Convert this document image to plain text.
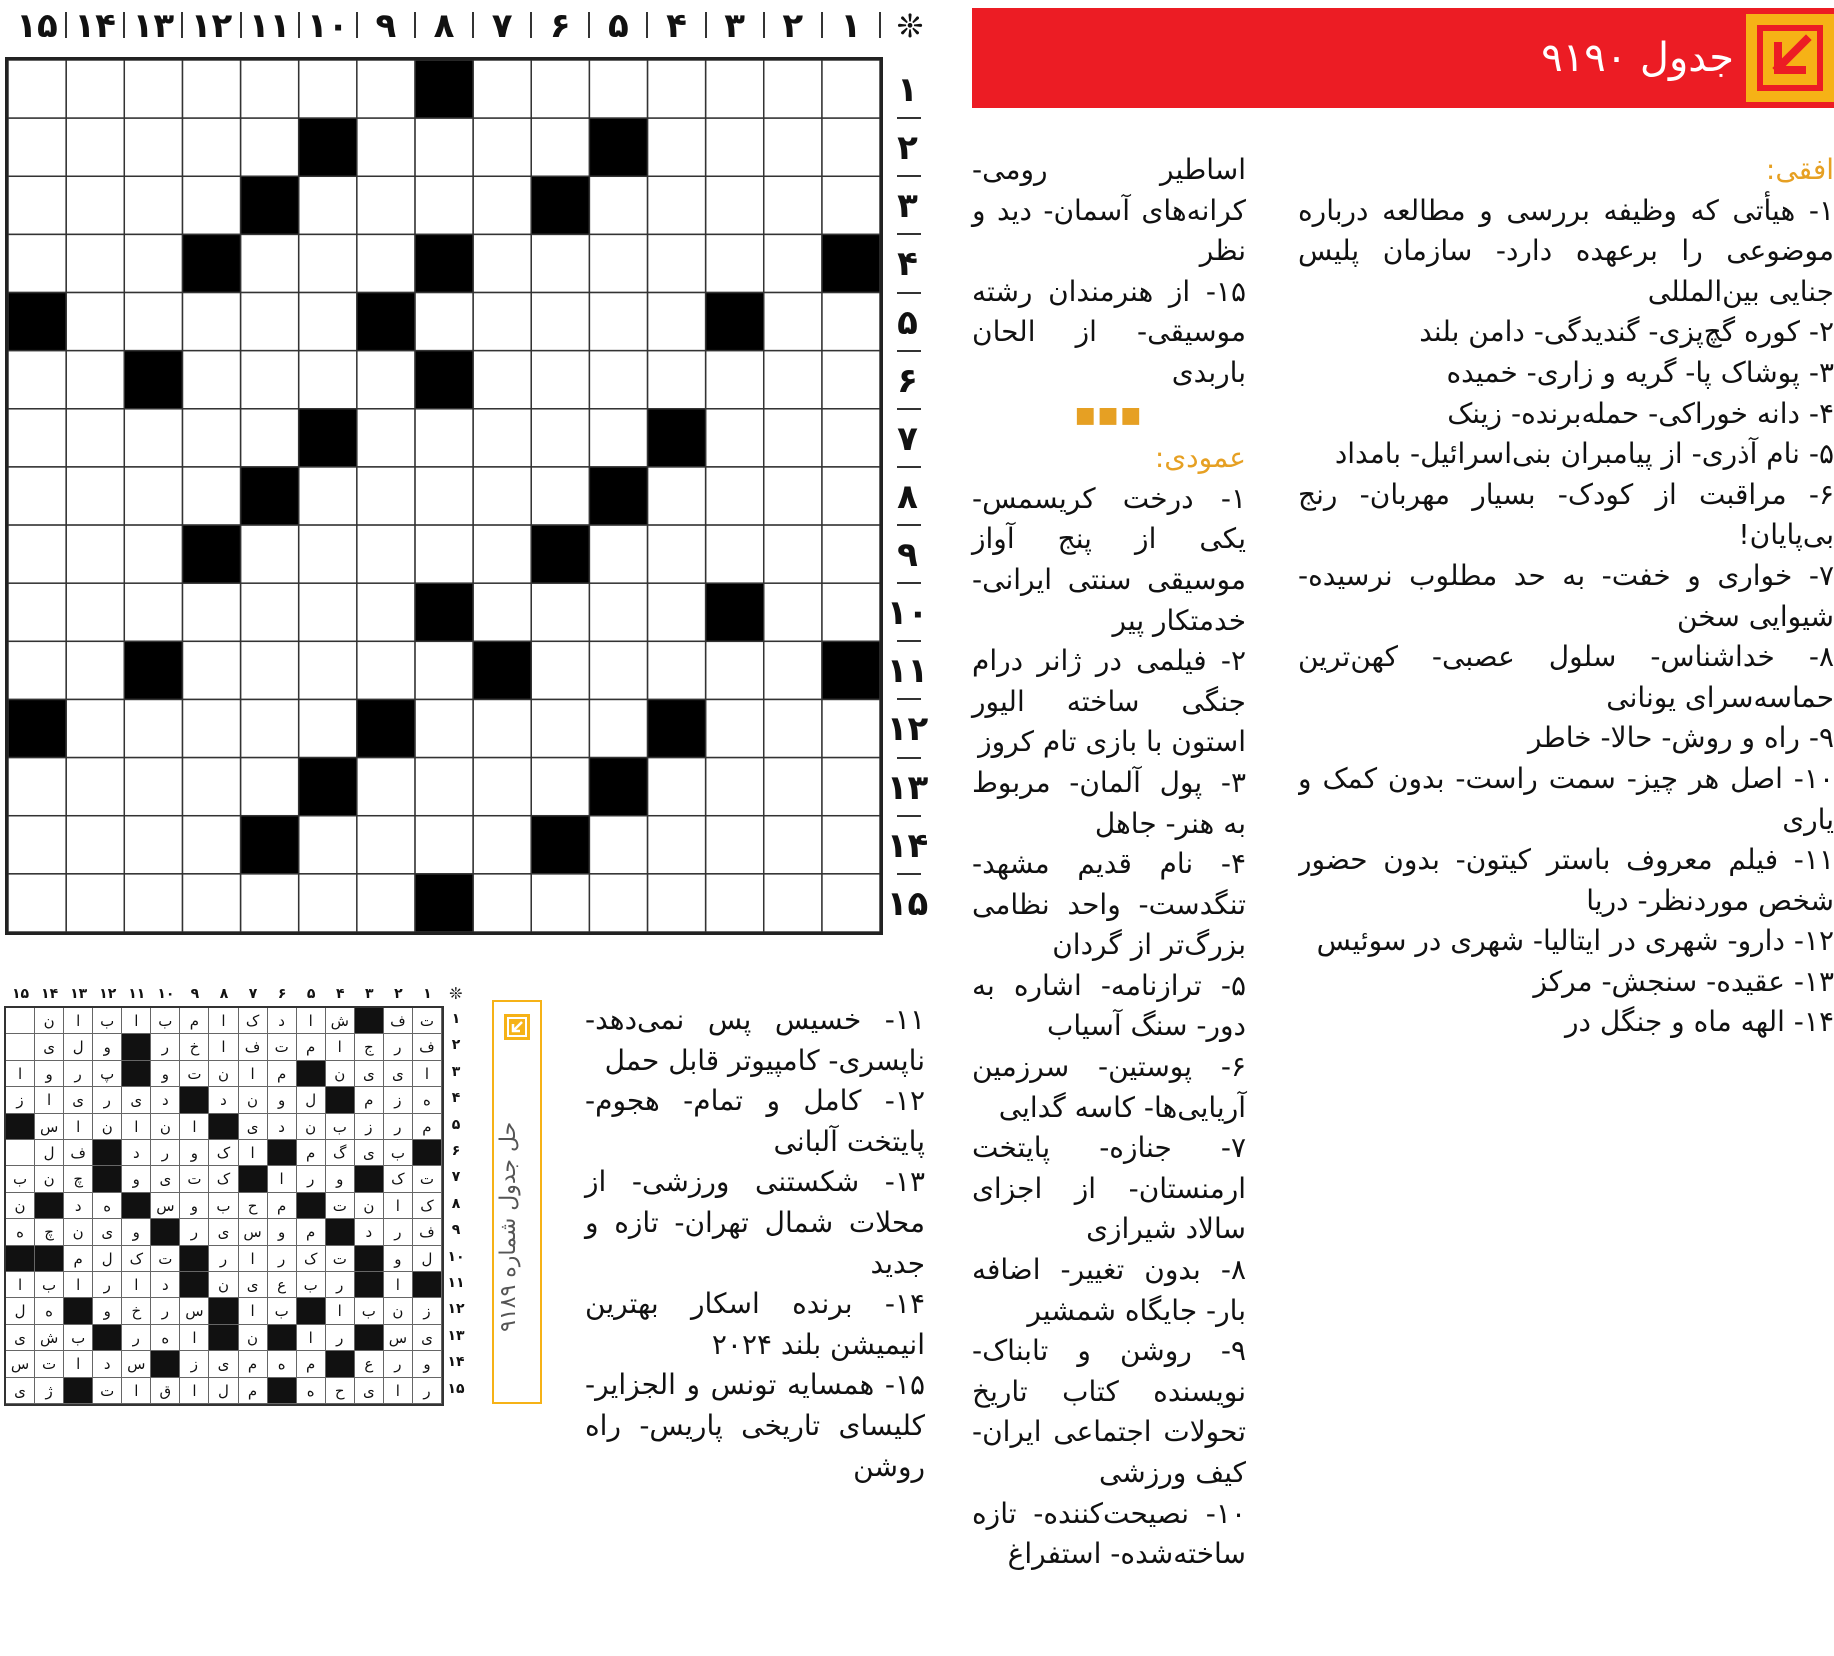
جدول ۹۱۹۰
۱
۲
۳
۴
۵
۶
۷
۸
۹
۱۰
۱۱
۱۲
۱۳
۱۴
۱۵
۱
۲
۳
۴
۵
۶
۷
۸
۹
۱۰
۱۱
۱۲
۱۳
۱۴
۱۵
افقی:

۱- هیأتی که وظیفه بررسی و مطالعه درباره موضوعی را برعهده دارد- سازمان پلیس جنایی بین‌المللی

۲- کوره گچ‌پزی- گندیدگی- دامن بلند

۳- پوشاک پا- گریه و زاری- خمیده

۴- دانه خوراکی- حمله‌برنده- زینک

۵- نام آذری- از پیامبران بنی‌اسرائیل- بامداد

۶- مراقبت از کودک- بسیار مهربان- رنج بی‌پایان!

۷- خواری و خفت- به حد مطلوب نرسیده- شیوایی سخن

۸- خداشناس- سلول عصبی- کهن‌ترین حماسه‌سرای یونانی

۹- راه و روش- حالا- خاطر

۱۰- اصل هر چیز- سمت راست- بدون کمک و یاری

۱۱- فیلم معروف باستر کیتون- بدون حضور شخص موردنظر- دریا

۱۲- دارو- شهری در ایتالیا- شهری در سوئیس

۱۳- عقیده- سنجش- مرکز

۱۴- الهه ماه و جنگل در

اساطیر رومی- کرانه‌های آسمان- دید و نظر

۱۵- از هنرمندان رشته موسیقی- از الحان باربدی

■■■
عمودی:

۱- درخت کریسمس- یکی از پنج آواز موسیقی سنتی ایرانی- خدمتکار پیر

۲- فیلمی در ژانر درام جنگی ساخته الیور استون با بازی تام کروز

۳- پول آلمان- مربوط به هنر- جاهل

۴- نام قدیم مشهد- تنگدست- واحد نظامی بزرگ‌تر از گردان

۵- ترازنامه- اشاره به دور- سنگ آسیاب

۶- پوستین- سرزمین آریایی‌ها- کاسه گدایی

۷- جنازه- پایتخت ارمنستان- از اجزای سالاد شیرازی

۸- بدون تغییر- اضافه بار- جایگاه شمشیر

۹- روشن و تابناک- نویسنده کتاب تاریخ تحولات اجتماعی ایران- کیف ورزشی

۱۰- نصیحت‌کننده- تازه ساخته‌شده- استفراغ

۱۱- خسیس پس نمی‌دهد- ناپسری- کامپیوتر قابل حمل

۱۲- کامل و تمام- هجوم- پایتخت آلبانی

۱۳- شکستنی ورزشی- از محلات شمال تهران- تازه و جدید

۱۴- برنده اسکار بهترین انیمیشن بلند ۲۰۲۴

۱۵- همسایه تونس و الجزایر- کلیسای تاریخی پاریس- راه روشن

حل جدول شماره ۹۱۸۹
۱
۲
۳
۴
۵
۶
۷
۸
۹
۱۰
۱۱
۱۲
۱۳
۱۴
۱۵
ت
ف
ش
ا
د
ک
ا
م
ب
ا
ب
ا
ن
ف
ر
ج
ا
م
ت
ف
ا
خ
ر
و
ل
ی
ا
ی
ی
ن
م
ا
ن
ت
و
پ
ر
و
ا
ه
ز
م
ل
و
ن
د
د
ی
ر
ی
ا
ز
م
ر
ز
ب
ن
د
ی
ا
ن
ا
ن
ا
س
ب
ی
گ
م
ا
ک
و
ر
د
ف
ل
ت
ک
و
ر
ا
ک
ت
ی
و
چ
ن
ب
ک
ا
ن
ت
م
ح
ب
و
س
ه
د
ن
ف
ر
د
م
و
س
ی
ر
و
ی
ن
چ
ه
ل
و
ت
ک
ر
ا
ر
ت
ک
ل
م
ا
ر
ب
ع
ی
ن
د
ا
ر
ا
ب
ا
ز
ن
ب
ا
ب
ا
س
ر
خ
و
ه
ل
ی
س
ر
ا
ن
ا
ه
ر
ب
ش
ی
و
ر
ع
م
ه
م
ی
ز
س
د
ا
ت
س
ر
ا
ی
ح
ه
م
ل
ا
ق
ا
ت
ژ
ی
۱
۲
۳
۴
۵
۶
۷
۸
۹
۱۰
۱۱
۱۲
۱۳
۱۴
۱۵
❊
❊
